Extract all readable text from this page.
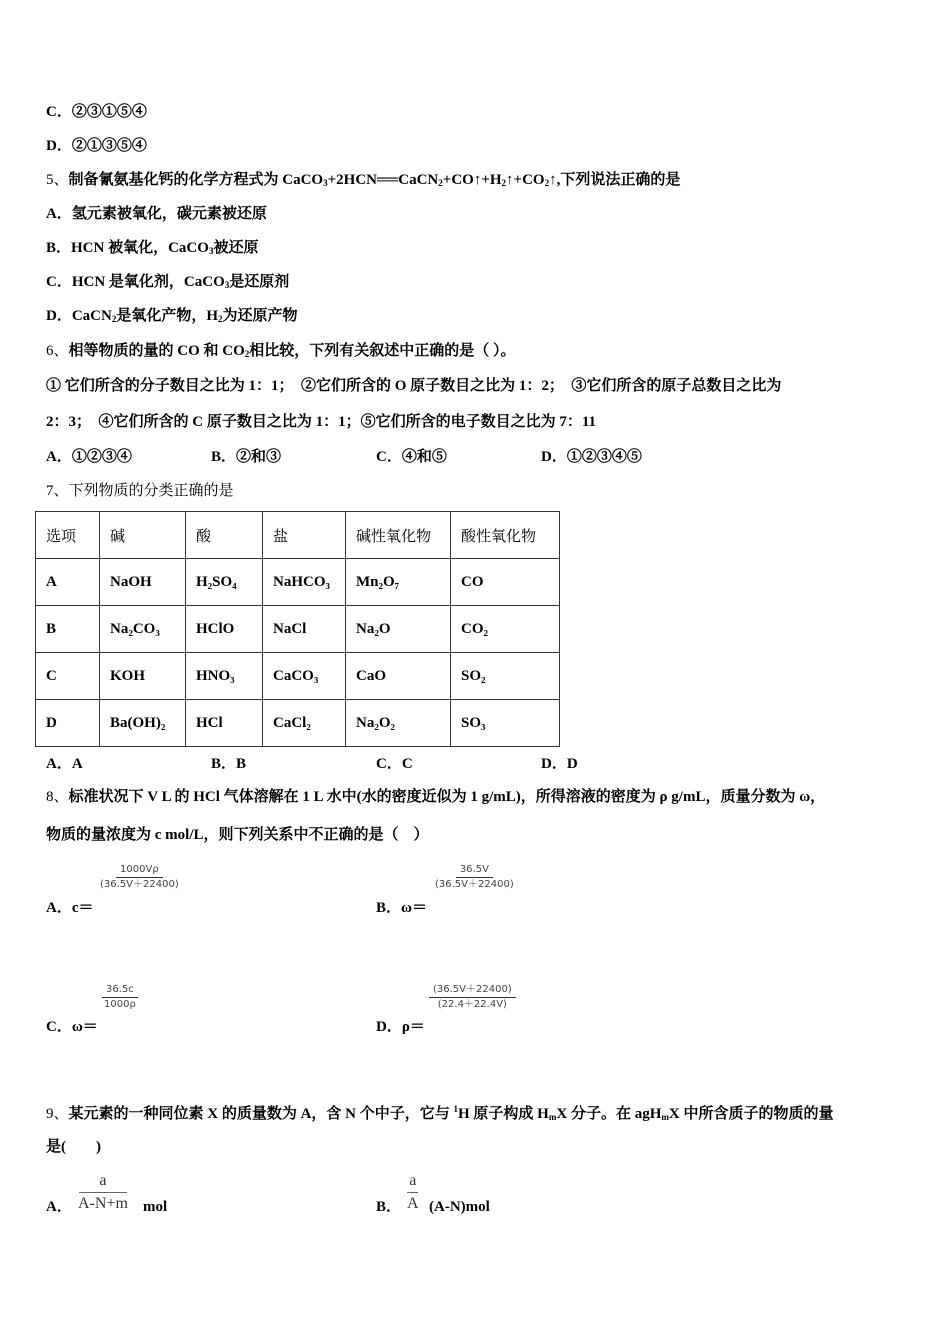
C．②③①⑤④
D．②①③⑤④
5、制备氰氨基化钙的化学方程式为 $CaCO_3+2HCN══CaCN_2+CO↑+H_2↑+CO_2↑$,下列说法正确的是
A．氢元素被氧化，碳元素被还原
B．HCN 被氧化，CaCO$_3$被还原
C．HCN 是氧化剂，CaCO$_3$是还原剂
D．CaCN$_2$是氧化产物，$H_2$为还原产物
6、相等物质的量的 CO 和 $CO_2$相比较，下列有关叙述中正确的是（ ）。
① 它们所含的分子数目之比为 1：1；　②它们所含的 O 原子数目之比为 1：2；　③它们所含的原子总数目之比为
2：3；　④它们所含的 C 原子数目之比为 1：1；⑤它们所含的电子数目之比为 7：11
A．①②③④	B．②和③	C．④和⑤	D．①②③④⑤
7、下列物质的分类正确的是
选项	碱	酸	盐	碱性氧化物	酸性氧化物
A	NaOH	H₂SO₄	NaHCO₃	Mn₂O₇	CO
B	Na₂CO₃	HClO	NaCl	Na₂O	CO₂
C	KOH	HNO₃	CaCO₃	CaO	SO₂
D	Ba(OH)₂	HCl	CaCl₂	Na₂O₂	SO₃
A．A	B．B	C．C	D．D
8、标准状况下 V L 的 HCl 气体溶解在 1 L 水中(水的密度近似为 1 g/mL)，所得溶液的密度为 ρ g/mL，质量分数为 ω，
物质的量浓度为 c mol/L，则下列关系中不正确的是（　）
A．c＝
$\frac{1000V\rho}{(36.5V+22400)}$
B．ω＝
$\frac{36.5V}{(36.5V+22400)}$
C．ω＝
$\frac{36.5c}{1000\rho}$
D．ρ＝
$\frac{(36.5V+22400)}{(22.4+22.4V)}$
9、某元素的一种同位素 X 的质量数为 A，含 N 个中子，它与 $^1$H 原子构成 $H_mX$ 分子。在 agH$_m$X 中所含质子的物质的量
是(　　)
A． $\frac{a}{A-N+m}$ mol	B． $\frac{a}{A} (A-N)mol$
